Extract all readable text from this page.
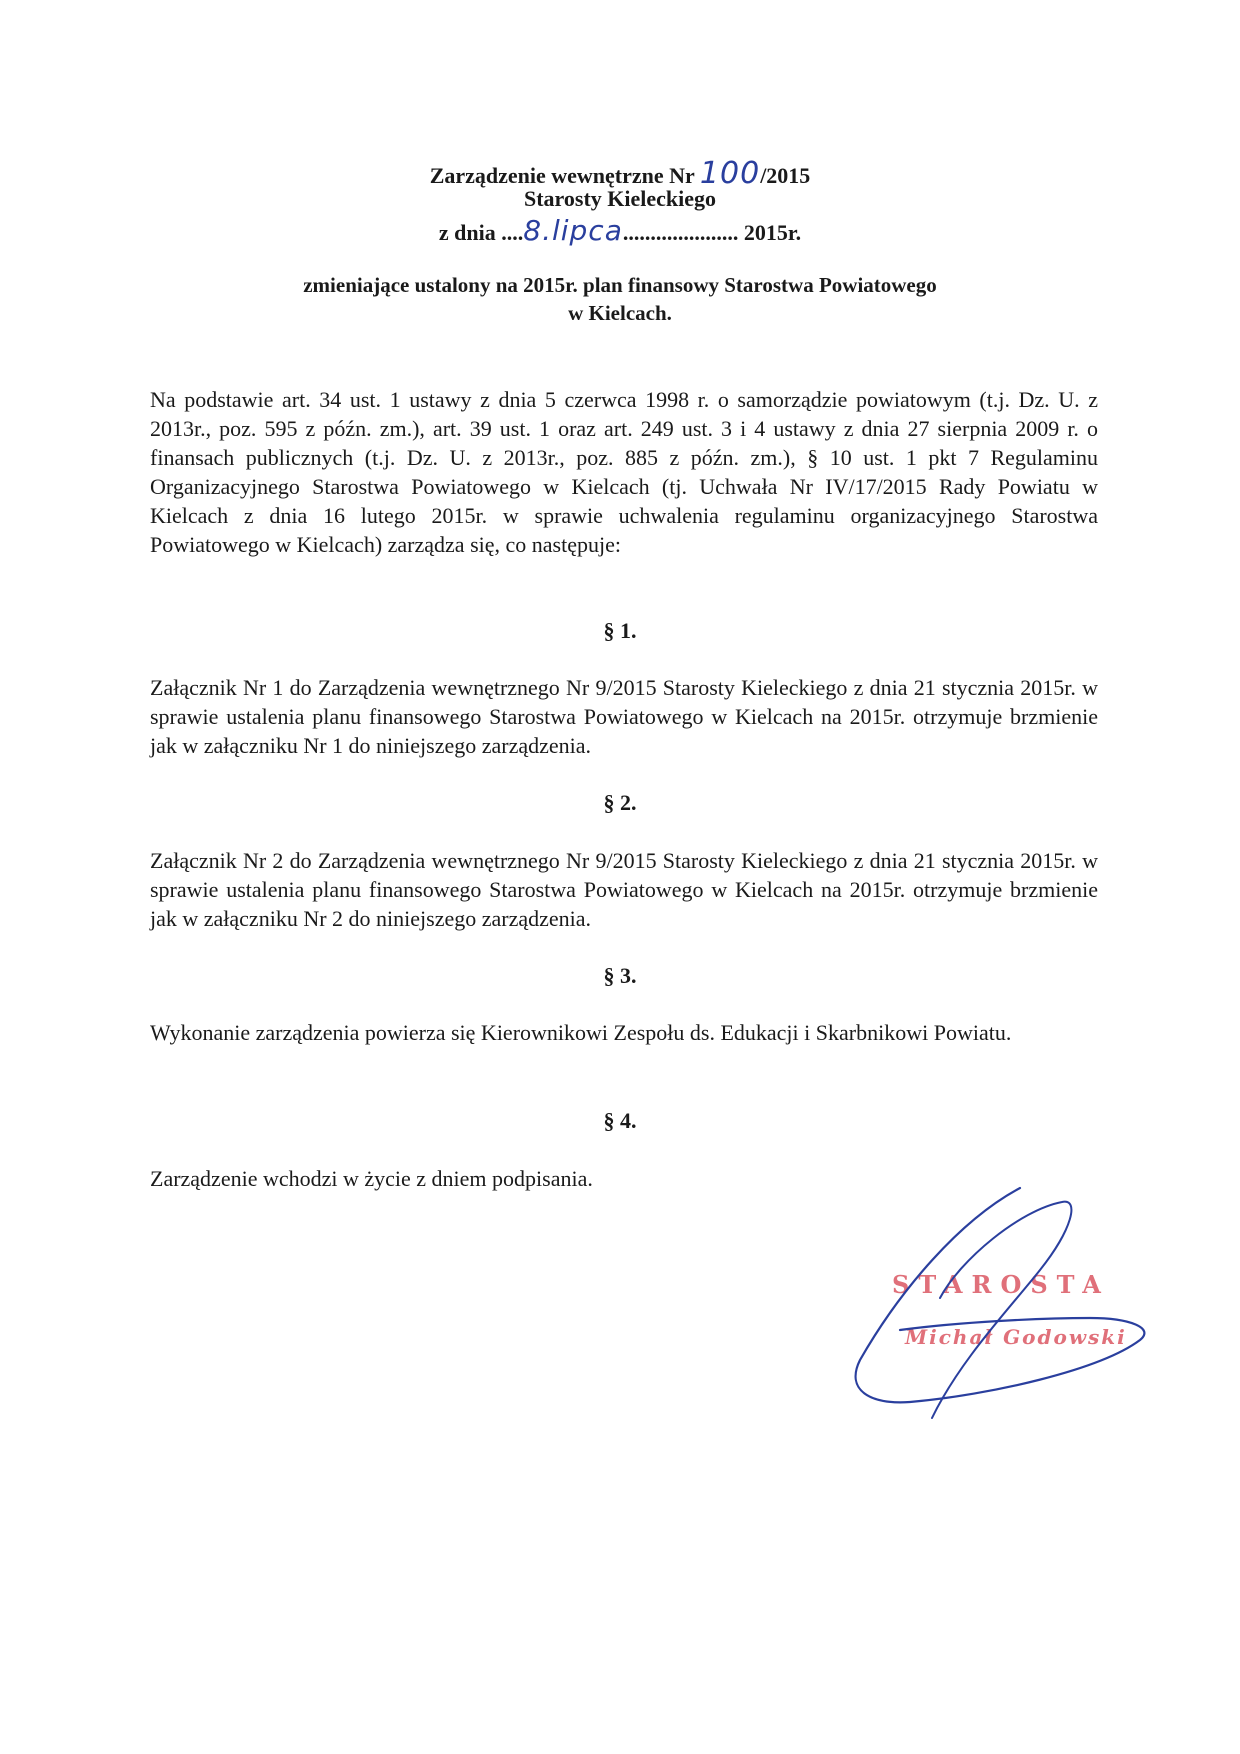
Zarządzenie wewnętrzne Nr 100/2015
Starosty Kieleckiego
z dnia ....8.lipca..................... 2015r.
zmieniające ustalony na 2015r. plan finansowy Starostwa Powiatowego
w Kielcach.
Na podstawie art. 34 ust. 1 ustawy z dnia 5 czerwca 1998 r. o samorządzie powiatowym (t.j. Dz. U. z 2013r., poz. 595 z późn. zm.), art. 39 ust. 1 oraz art. 249 ust. 3 i 4 ustawy z dnia 27 sierpnia 2009 r. o finansach publicznych (t.j. Dz. U. z 2013r., poz. 885 z późn. zm.), § 10 ust. 1 pkt 7 Regulaminu Organizacyjnego Starostwa Powiatowego w Kielcach (tj. Uchwała Nr IV/17/2015 Rady Powiatu w Kielcach z dnia 16 lutego 2015r. w sprawie uchwalenia regulaminu organizacyjnego Starostwa Powiatowego w Kielcach) zarządza się, co następuje:
§ 1.
Załącznik Nr 1 do Zarządzenia wewnętrznego Nr 9/2015 Starosty Kieleckiego z dnia 21 stycznia 2015r. w sprawie ustalenia planu finansowego Starostwa Powiatowego w Kielcach na 2015r. otrzymuje brzmienie jak w załączniku Nr 1 do niniejszego zarządzenia.
§ 2.
Załącznik Nr 2 do Zarządzenia wewnętrznego Nr 9/2015 Starosty Kieleckiego z dnia 21 stycznia 2015r. w sprawie ustalenia planu finansowego Starostwa Powiatowego w Kielcach na 2015r. otrzymuje brzmienie jak w załączniku Nr 2 do niniejszego zarządzenia.
§ 3.
Wykonanie zarządzenia powierza się Kierownikowi Zespołu ds. Edukacji i Skarbnikowi Powiatu.
§ 4.
Zarządzenie wchodzi w życie z dniem podpisania.
STAROSTA
Michał Godowski
